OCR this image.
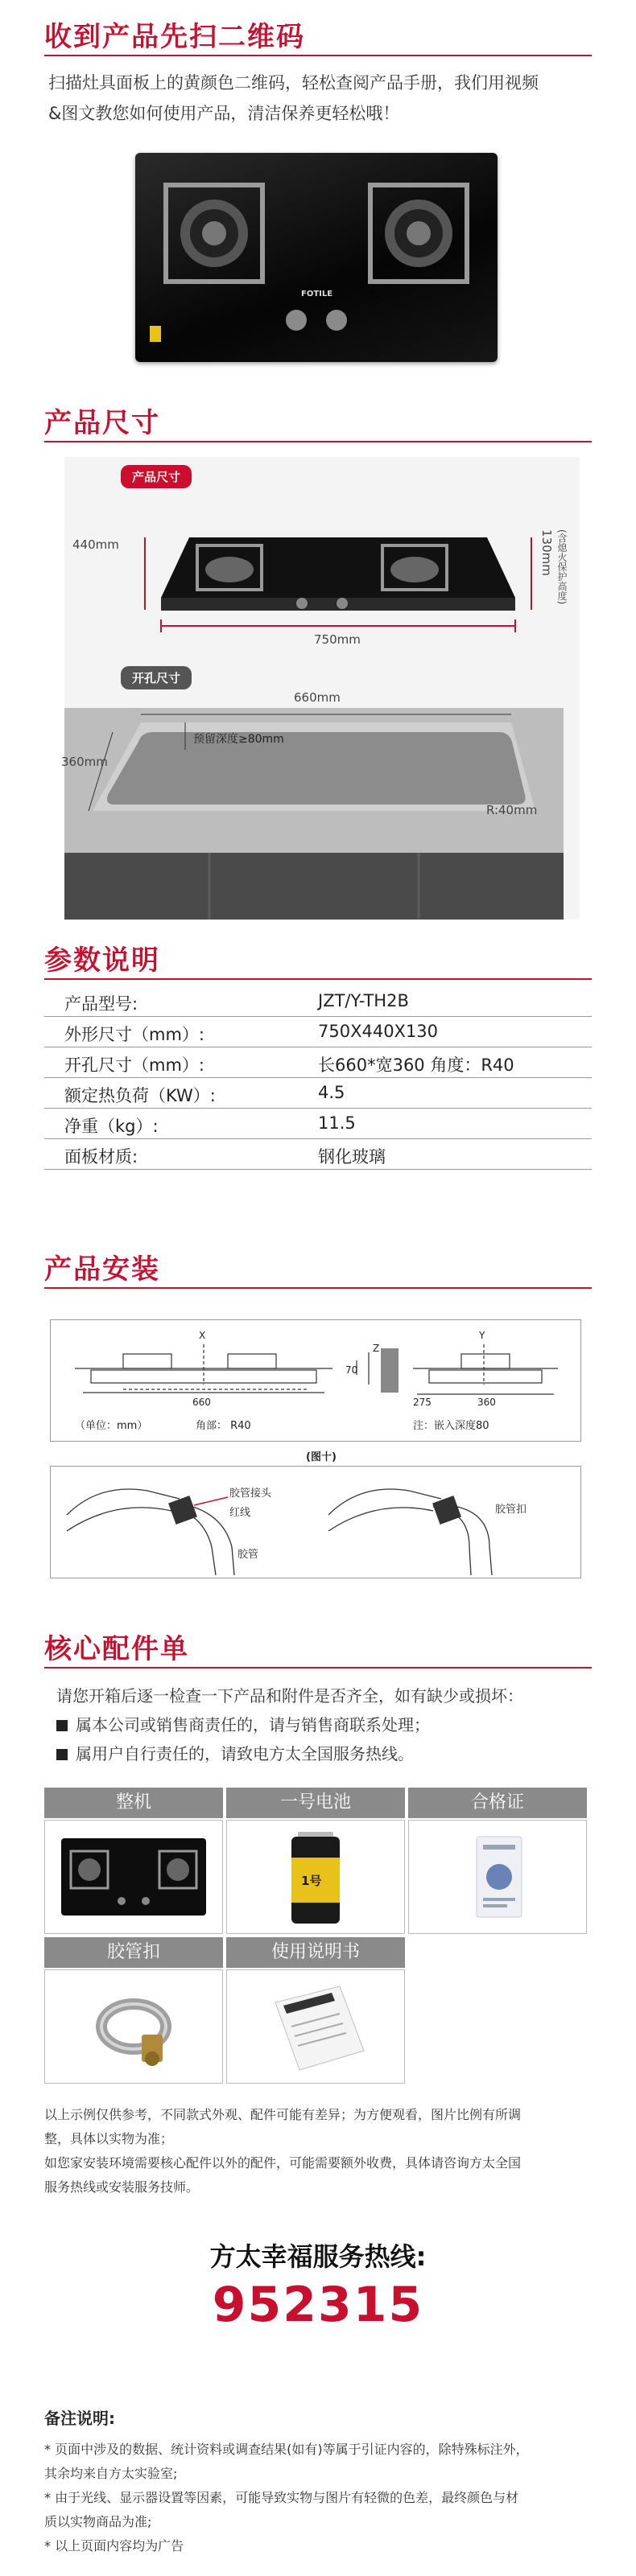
收到产品先扫二维码
扫描灶具面板上的黄颜色二维码，轻松查阅产品手册，我们用视频
&图文教您如何使用产品，清洁保养更轻松哦！
FOTILE
产品尺寸
产品尺寸
440mm
750mm
130mm (含熄火保护高度)
开孔尺寸
660mm
360mm
预留深度≥80mm
R:40mm
参数说明
产品型号:	JZT/Y-TH2B
外形尺寸（mm）:	750X440X130
开孔尺寸（mm）:	长660*宽360 角度：R40
额定热负荷（KW）:	4.5
净重（kg）:	11.5
面板材质:	钢化玻璃
产品安装
X	Y
Z
660
70
275	360
（单位：mm）	角部： R40	注：嵌入深度80
(图十)
胶管接头
红线
胶管
胶管扣
核心配件单
请您开箱后逐一检查一下产品和附件是否齐全，如有缺少或损坏：
属本公司或销售商责任的，请与销售商联系处理；
属用户自行责任的，请致电方太全国服务热线。
整机	一号电池	合格证
1号
胶管扣	使用说明书
以上示例仅供参考，不同款式外观、配件可能有差异；为方便观看，图片比例有所调
整，具体以实物为准；
如您家安装环境需要核心配件以外的配件，可能需要额外收费，具体请咨询方太全国
服务热线或安装服务技师。
方太幸福服务热线:
952315
备注说明:
* 页面中涉及的数据、统计资料或调查结果(如有)等属于引证内容的，除特殊标注外，
其余均来自方太实验室;
* 由于光线、显示器设置等因素，可能导致实物与图片有轻微的色差，最终颜色与材
质以实物商品为准;
* 以上页面内容均为广告
